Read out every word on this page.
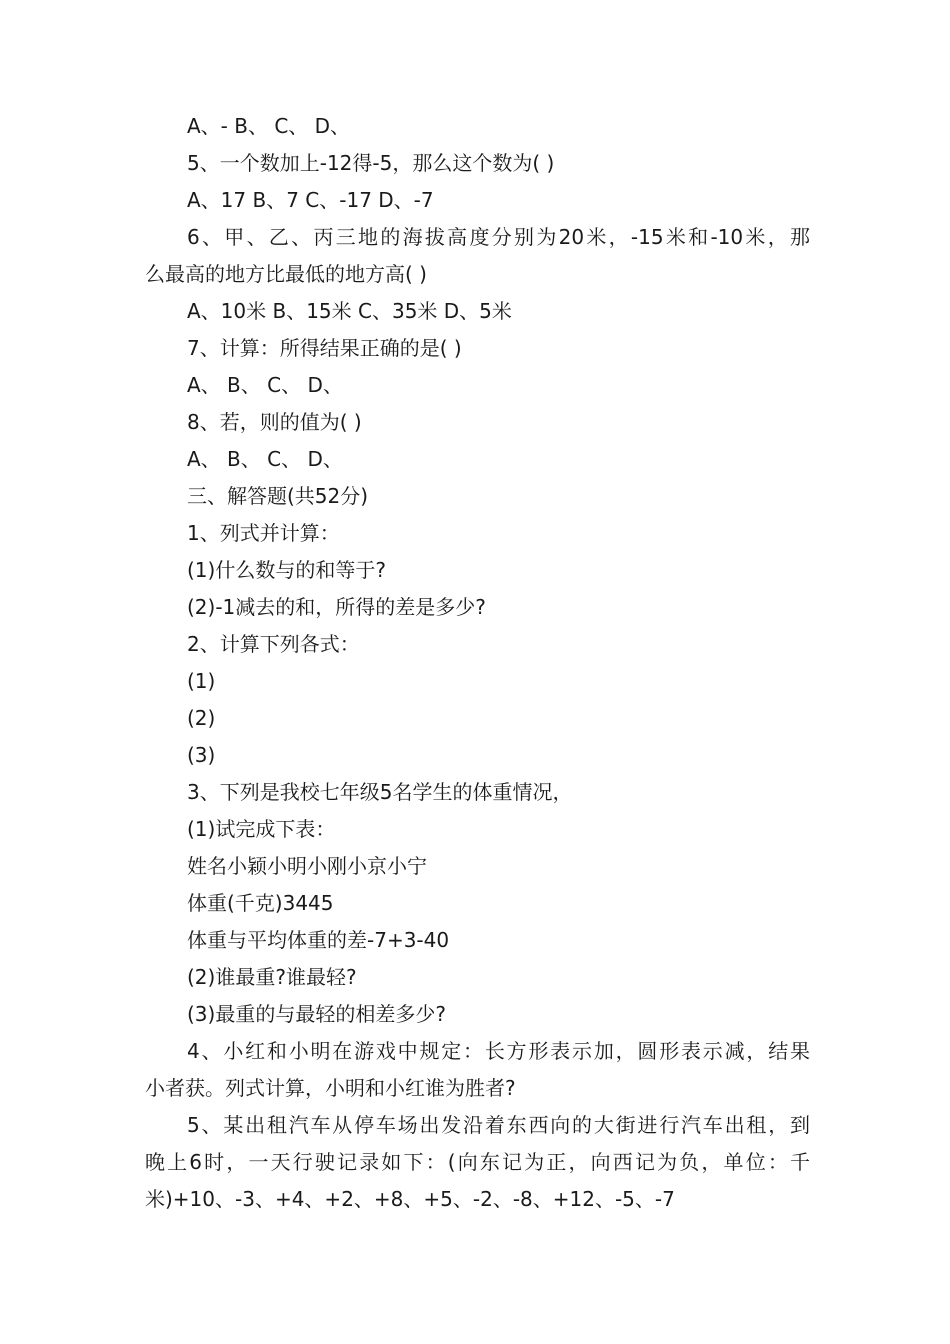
A、- B、 C、 D、
5、一个数加上-12得-5，那么这个数为( )
A、17 B、7 C、-17 D、-7
6、甲、乙、丙三地的海拔高度分别为20米，-15米和-10米，那
么最高的地方比最低的地方高( )
A、10米 B、15米 C、35米 D、5米
7、计算：所得结果正确的是( )
A、 B、 C、 D、
8、若，则的值为( )
A、 B、 C、 D、
三、解答题(共52分)
1、列式并计算：
(1)什么数与的和等于?
(2)-1减去的和，所得的差是多少?
2、计算下列各式：
(1)
(2)
(3)
3、下列是我校七年级5名学生的体重情况，
(1)试完成下表：
姓名小颖小明小刚小京小宁
体重(千克)3445
体重与平均体重的差-7+3-40
(2)谁最重?谁最轻?
(3)最重的与最轻的相差多少?
4、小红和小明在游戏中规定：长方形表示加，圆形表示减，结果
小者获。列式计算，小明和小红谁为胜者?
5、某出租汽车从停车场出发沿着东西向的大街进行汽车出租，到
晚上6时，一天行驶记录如下：(向东记为正，向西记为负，单位：千
米)+10、-3、+4、+2、+8、+5、-2、-8、+12、-5、-7
